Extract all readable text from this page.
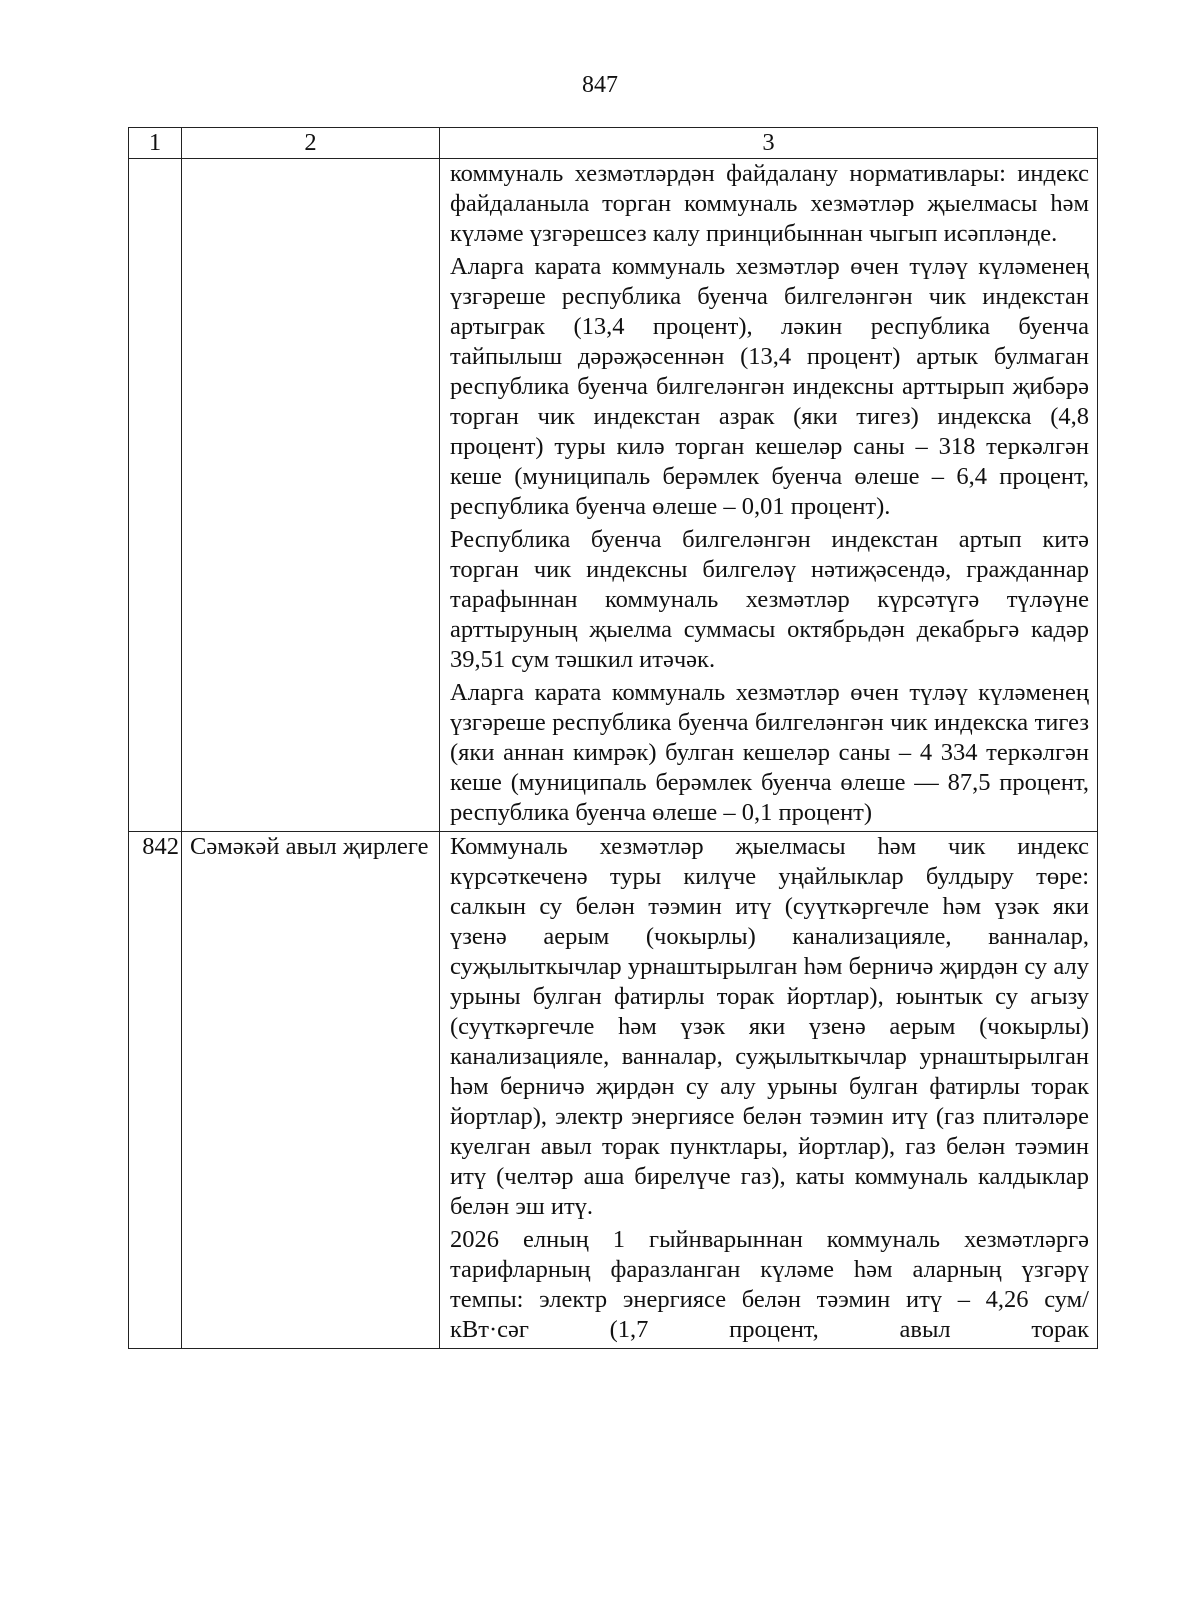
847
1	2	3

		коммуналь хезмәтләрдән файдалану нормативлары: индекс файдаланыла торган коммуналь хезмәтләр җыелмасы һәм күләме үзгәрешсез калу принцибыннан чыгып исәпләнде.
Аларга карата коммуналь хезмәтләр өчен түләү күләменең үзгәреше республика буенча билгеләнгән чик индекстан артыграк (13,4 процент), ләкин республика буенча тайпылыш дәрәҗәсеннән (13,4 процент) артык булмаган республика буенча билгеләнгән индексны арттырып җибәрә торган чик индекстан азрак (яки тигез) индекска (4,8 процент) туры килә торган кешеләр саны – 318 теркәлгән кеше (муниципаль берәмлек буенча өлеше – 6,4 процент, республика буенча өлеше – 0,01 процент).
Республика буенча билгеләнгән индекстан артып китә торган чик индексны билгеләү нәтиҗәсендә, гражданнар тарафыннан коммуналь хезмәтләр күрсәтүгә түләүне арттыруның җыелма суммасы октябрьдән декабрьгә кадәр 39,51 сум тәшкил итәчәк.
Аларга карата коммуналь хезмәтләр өчен түләү күләменең үзгәреше республика буенча билгеләнгән чик индекска тигез (яки аннан кимрәк) булган кешеләр саны – 4 334 теркәлгән кеше (муниципаль берәмлек буенча өлеше — 87,5 процент, республика буенча өлеше – 0,1 процент)

842	Сәмәкәй авыл җирлеге	Коммуналь хезмәтләр җыелмасы һәм чик индекс күрсәткеченә туры килүче уңайлыклар булдыру төре: салкын су белән тәэмин итү (суүткәргечле һәм үзәк яки үзенә аерым (чокырлы) канализацияле, ванналар, суҗылыткычлар урнаштырылган һәм берничә җирдән су алу урыны булган фатирлы торак йортлар), юынтык су агызу (суүткәргечле һәм үзәк яки үзенә аерым (чокырлы) канализацияле, ванналар, суҗылыткычлар урнаштырылган һәм берничә җирдән су алу урыны булган фатирлы торак йортлар), электр энергиясе белән тәэмин итү (газ плитәләре куелган авыл торак пунктлары, йортлар), газ белән тәэмин итү (челтәр аша бирелүче газ), каты коммуналь калдыклар белән эш итү.
2026 елның 1 гыйнварыннан коммуналь хезмәтләргә тарифларның фаразланган күләме һәм аларның үзгәрү темпы: электр энергиясе белән тәэмин итү – 4,26 сум/кВт·сәг (1,7 процент, авыл торак
